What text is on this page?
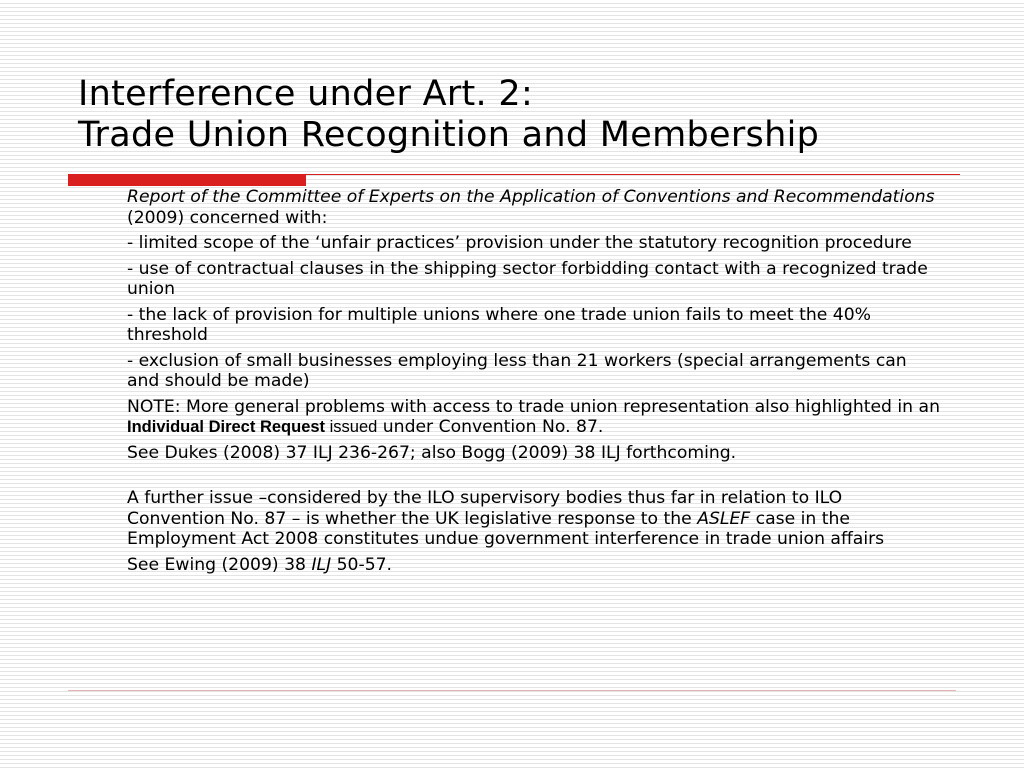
Interference under Art. 2:
Trade Union Recognition and Membership

Report of the Committee of Experts on the Application of Conventions and Recommendations (2009) concerned with:

- limited scope of the ‘unfair practices’ provision under the statutory recognition procedure

- use of contractual clauses in the shipping sector forbidding contact with a recognized trade union

- the lack of provision for multiple unions where one trade union fails to meet the 40% threshold

- exclusion of small businesses employing less than 21 workers (special arrangements can and should be made)

NOTE: More general problems with access to trade union representation also highlighted in an Individual Direct Request issued under Convention No. 87.

See Dukes (2008) 37 ILJ 236-267; also Bogg (2009) 38 ILJ forthcoming.

A further issue –considered by the ILO supervisory bodies thus far in relation to ILO Convention No. 87 – is whether the UK legislative response to the ASLEF case in the Employment Act 2008 constitutes undue government interference in trade union affairs

See Ewing (2009) 38 ILJ 50-57.
